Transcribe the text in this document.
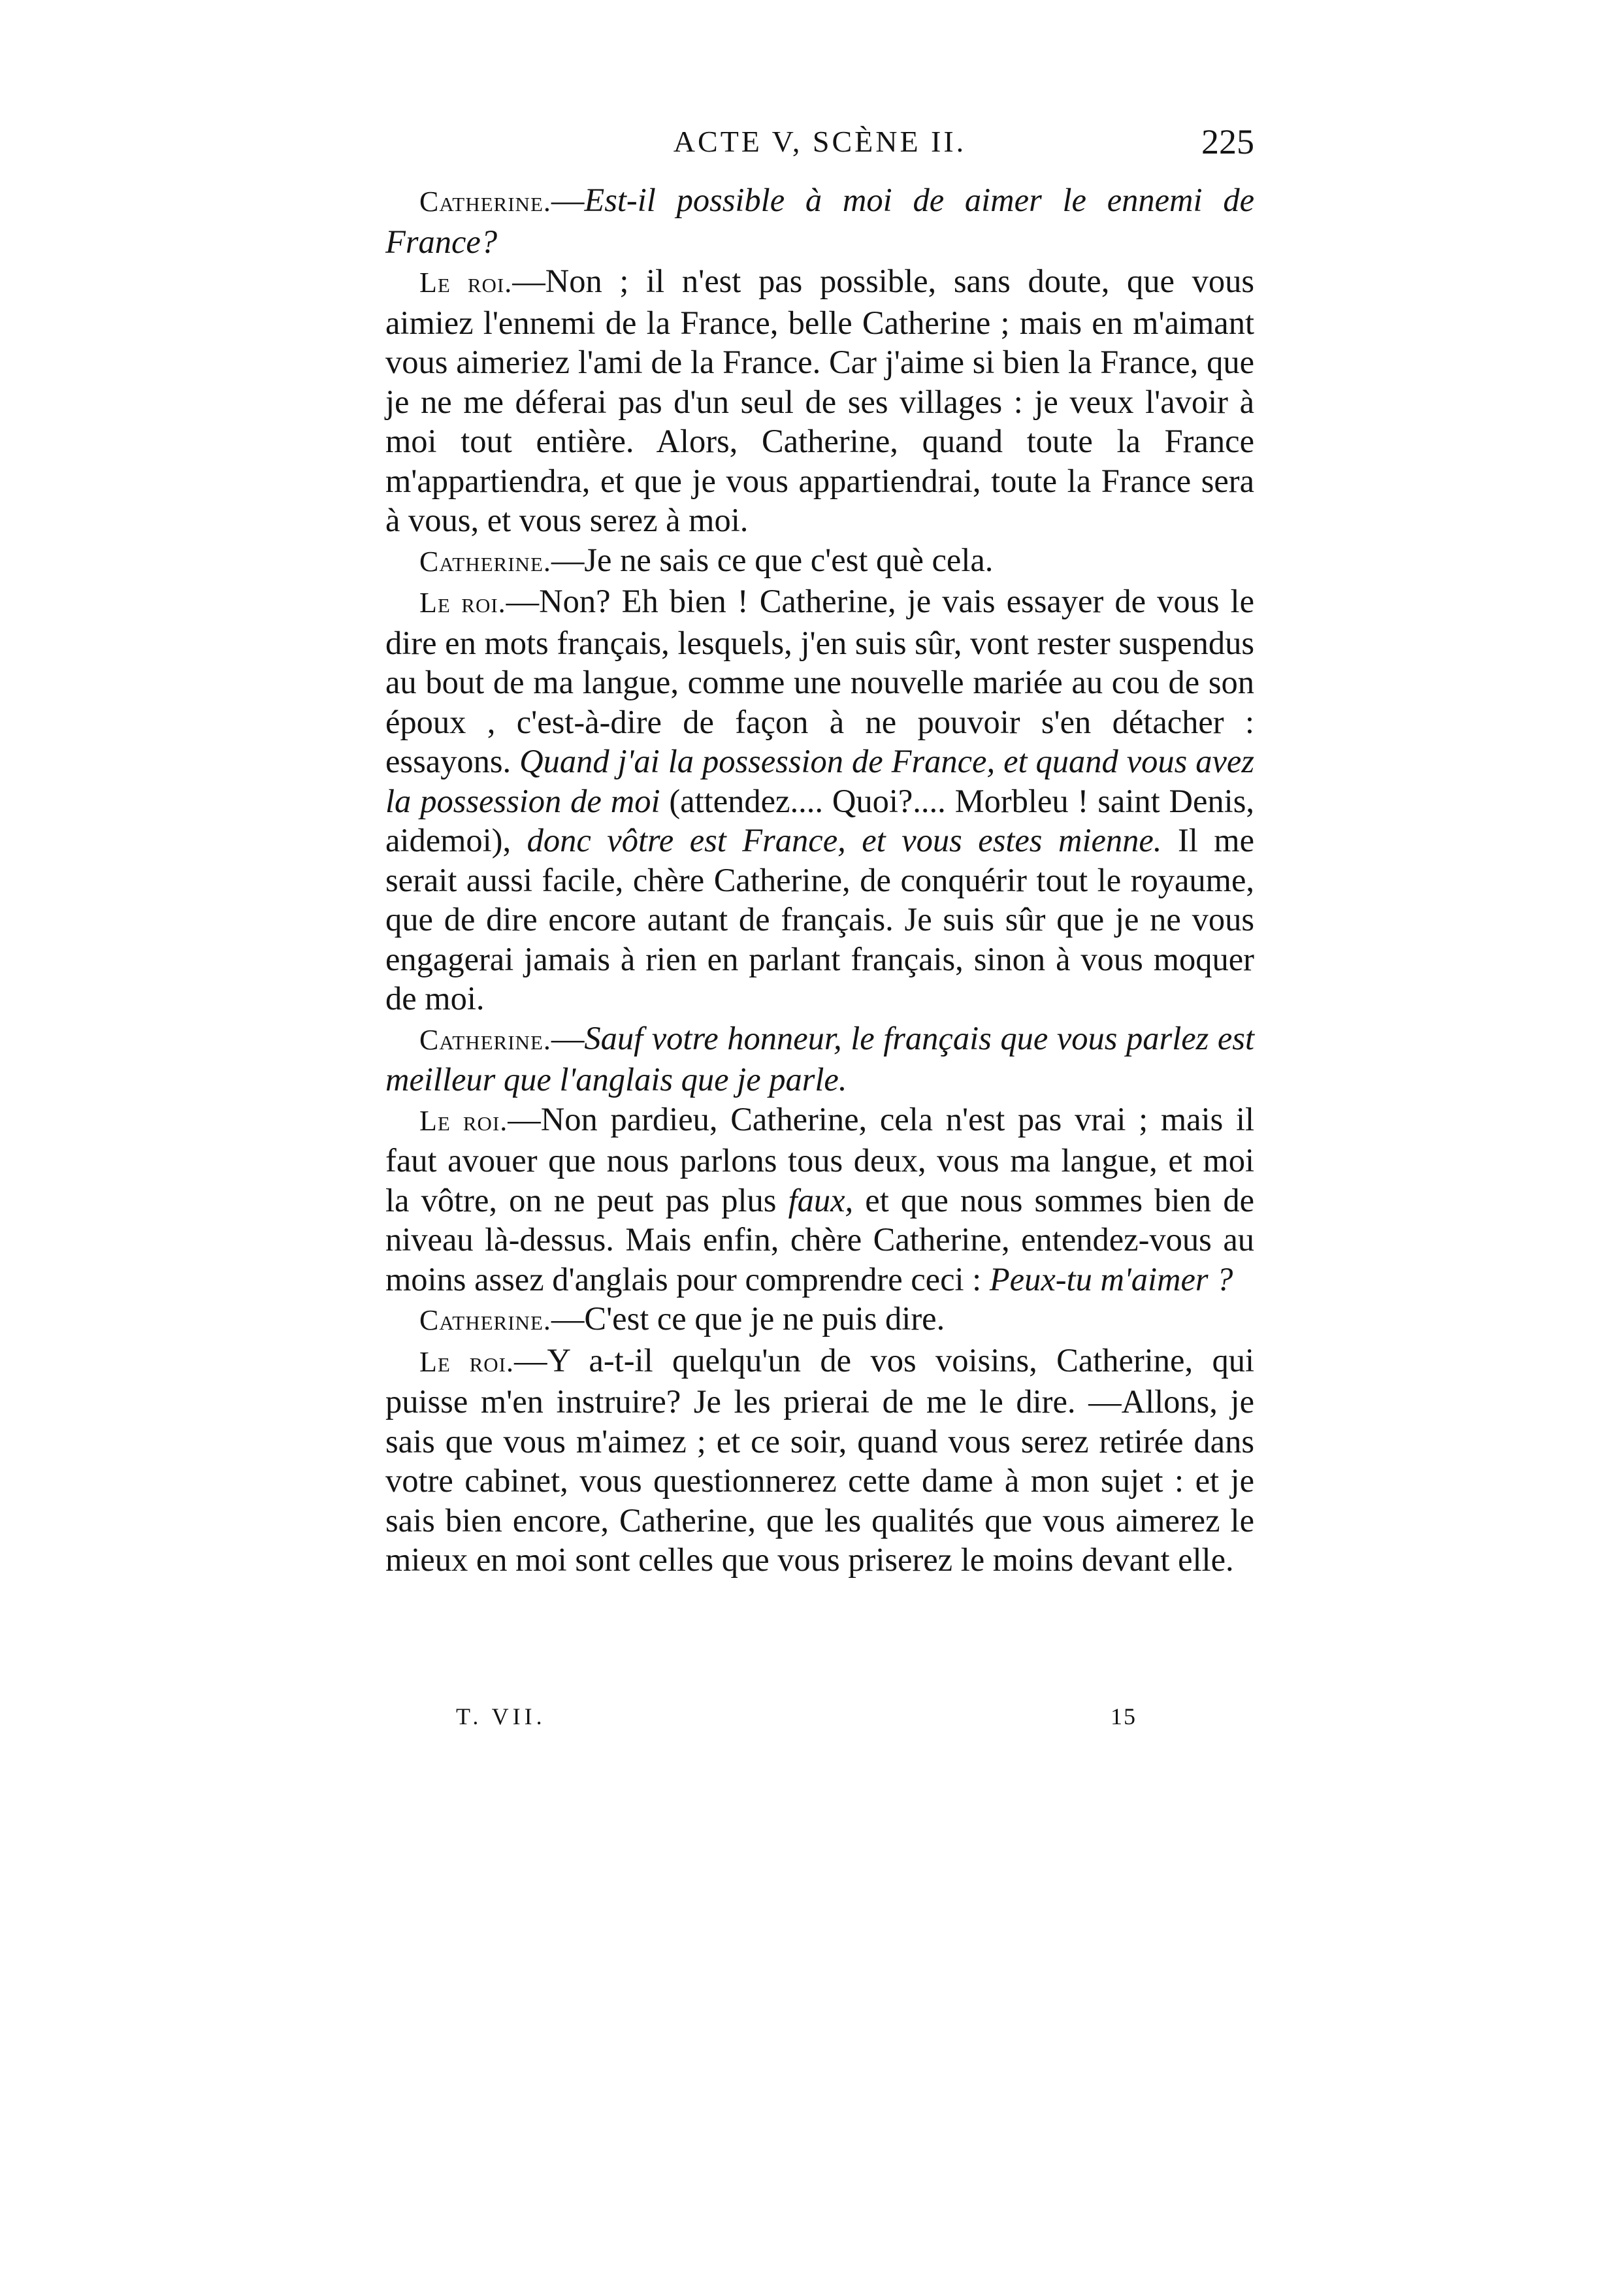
ACTE V, SCÈNE II.	225

Catherine.—Est-il possible à moi de aimer le ennemi de France?

Le roi.—Non ; il n'est pas possible, sans doute, que vous aimiez l'ennemi de la France, belle Catherine ; mais en m'aimant vous aimeriez l'ami de la France. Car j'aime si bien la France, que je ne me déferai pas d'un seul de ses villages : je veux l'avoir à moi tout entière. Alors, Catherine, quand toute la France m'appartiendra, et que je vous appartiendrai, toute la France sera à vous, et vous serez à moi.

Catherine.—Je ne sais ce que c'est què cela.

Le roi.—Non? Eh bien ! Catherine, je vais essayer de vous le dire en mots français, lesquels, j'en suis sûr, vont rester suspendus au bout de ma langue, comme une nouvelle mariée au cou de son époux , c'est-à-dire de façon à ne pouvoir s'en détacher : essayons. Quand j'ai la possession de France, et quand vous avez la possession de moi (attendez.... Quoi?.... Morbleu ! saint Denis, aidemoi), donc vôtre est France, et vous estes mienne. Il me serait aussi facile, chère Catherine, de conquérir tout le royaume, que de dire encore autant de français. Je suis sûr que je ne vous engagerai jamais à rien en parlant français, sinon à vous moquer de moi.

Catherine.—Sauf votre honneur, le français que vous parlez est meilleur que l'anglais que je parle.

Le roi.—Non pardieu, Catherine, cela n'est pas vrai ; mais il faut avouer que nous parlons tous deux, vous ma langue, et moi la vôtre, on ne peut pas plus faux, et que nous sommes bien de niveau là-dessus. Mais enfin, chère Catherine, entendez-vous au moins assez d'anglais pour comprendre ceci : Peux-tu m'aimer ?

Catherine.—C'est ce que je ne puis dire.

Le roi.—Y a-t-il quelqu'un de vos voisins, Catherine, qui puisse m'en instruire? Je les prierai de me le dire. —Allons, je sais que vous m'aimez ; et ce soir, quand vous serez retirée dans votre cabinet, vous questionnerez cette dame à mon sujet : et je sais bien encore, Catherine, que les qualités que vous aimerez le mieux en moi sont celles que vous priserez le moins devant elle.

T. VII.	15
